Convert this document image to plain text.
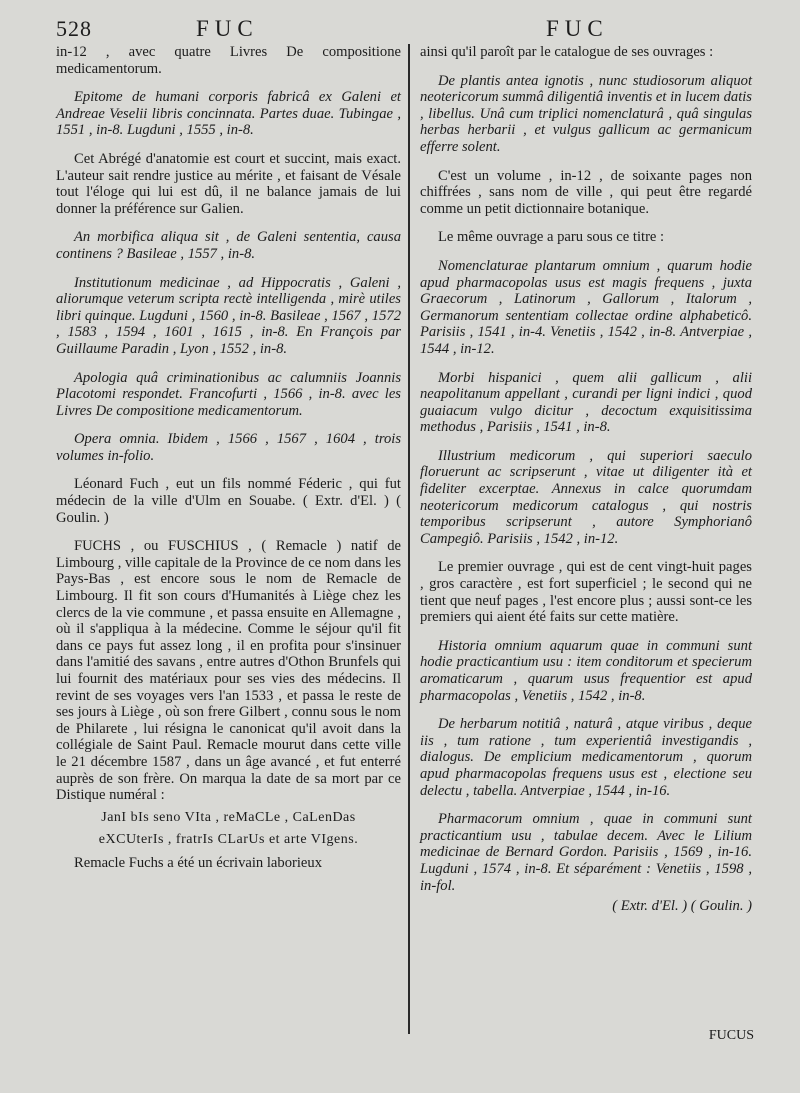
528	FUC	FUC

in-12 , avec quatre Livres De compositione medicamentorum.

Epitome de humani corporis fabricâ ex Galeni et Andreae Veselii libris concinnata. Partes duae. Tubingae , 1551 , in-8. Lugduni , 1555 , in-8.

Cet Abrégé d'anatomie est court et succint, mais exact. L'auteur sait rendre justice au mérite , et faisant de Vésale tout l'éloge qui lui est dû, il ne balance jamais de lui donner la préférence sur Galien.

An morbifica aliqua sit , de Galeni sententia, causa continens ? Basileae , 1557 , in-8.

Institutionum medicinae , ad Hippocratis , Galeni , aliorumque veterum scripta rectè intelligenda , mirè utiles libri quinque. Lugduni , 1560 , in-8. Basileae , 1567 , 1572 , 1583 , 1594 , 1601 , 1615 , in-8. En François par Guillaume Paradin , Lyon , 1552 , in-8.

Apologia quâ criminationibus ac calumniis Joannis Placotomi respondet. Francofurti , 1566 , in-8. avec les Livres De compositione medicamentorum.

Opera omnia. Ibidem , 1566 , 1567 , 1604 , trois volumes in-folio.

Léonard Fuch , eut un fils nommé Féderic , qui fut médecin de la ville d'Ulm en Souabe. ( Extr. d'El. ) ( Goulin. )

FUCHS , ou FUSCHIUS , ( Remacle ) natif de Limbourg , ville capitale de la Province de ce nom dans les Pays-Bas , est encore sous le nom de Remacle de Limbourg. Il fit son cours d'Humanités à Liège chez les clercs de la vie commune , et passa ensuite en Allemagne , où il s'appliqua à la médecine. Comme le séjour qu'il fit dans ce pays fut assez long , il en profita pour s'insinuer dans l'amitié des savans , entre autres d'Othon Brunfels qui lui fournit des matériaux pour ses vies des médecins. Il revint de ses voyages vers l'an 1533 , et passa le reste de ses jours à Liège , où son frere Gilbert , connu sous le nom de Philarete , lui résigna le canonicat qu'il avoit dans la collégiale de Saint Paul. Remacle mourut dans cette ville le 21 décembre 1587 , dans un âge avancé , et fut enterré auprès de son frère. On marqua la date de sa mort par ce Distique numéral :

JanI bIs seno VIta , reMaCLe , CaLenDas
eXCUterIs , fratrIs CLarUs et arte VIgens.

Remacle Fuchs a été un écrivain laborieux

ainsi qu'il paroît par le catalogue de ses ouvrages :

De plantis antea ignotis , nunc studiosorum aliquot neotericorum summâ diligentiâ inventis et in lucem datis , libellus. Unâ cum triplici nomenclaturâ , quâ singulas herbas herbarii , et vulgus gallicum ac germanicum efferre solent.

C'est un volume , in-12 , de soixante pages non chiffrées , sans nom de ville , qui peut être regardé comme un petit dictionnaire botanique.

Le même ouvrage a paru sous ce titre :

Nomenclaturae plantarum omnium , quarum hodie apud pharmacopolas usus est magis frequens , juxta Graecorum , Latinorum , Gallorum , Italorum , Germanorum sententiam collectae ordine alphabeticô. Parisiis , 1541 , in-4. Venetiis , 1542 , in-8. Antverpiae , 1544 , in-12.

Morbi hispanici , quem alii gallicum , alii neapolitanum appellant , curandi per ligni indici , quod guaiacum vulgo dicitur , decoctum exquisitissima methodus , Parisiis , 1541 , in-8.

Illustrium medicorum , qui superiori saeculo floruerunt ac scripserunt , vitae ut diligenter ità et fideliter excerptae. Annexus in calce quorumdam neotericorum medicorum catalogus , qui nostris temporibus scripserunt , autore Symphorianô Campegiô. Parisiis , 1542 , in-12.

Le premier ouvrage , qui est de cent vingt-huit pages , gros caractère , est fort superficiel ; le second qui ne tient que neuf pages , l'est encore plus ; aussi sont-ce les premiers qui aient été faits sur cette matière.

Historia omnium aquarum quae in communi sunt hodie practicantium usu : item conditorum et specierum aromaticarum , quarum usus frequentior est apud pharmacopolas , Venetiis , 1542 , in-8.

De herbarum notitiâ , naturâ , atque viribus , deque iis , tum ratione , tum experientiâ investigandis , dialogus. De emplicium medicamentorum , quorum apud pharmacopolas frequens usus est , electione seu delectu , tabella. Antverpiae , 1544 , in-16.

Pharmacorum omnium , quae in communi sunt practicantium usu , tabulae decem. Avec le Lilium medicinae de Bernard Gordon. Parisiis , 1569 , in-16. Lugduni , 1574 , in-8. Et séparément : Venetiis , 1598 , in-fol.

( Extr. d'El. ) ( Goulin. )

FUCUS
